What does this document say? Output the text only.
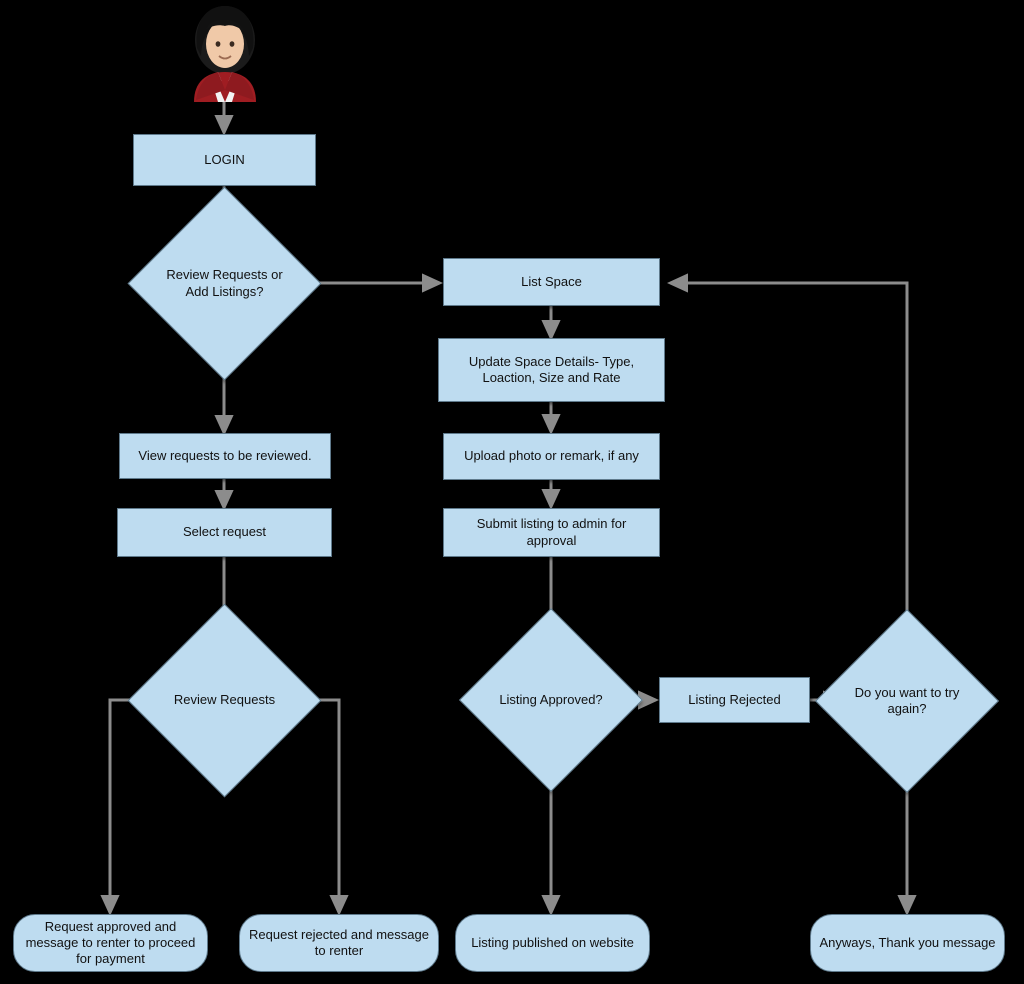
LOGIN
Review Requests or Add Listings?
List Space
Update Space Details- Type, Loaction, Size and Rate
Upload photo or remark, if any
Submit listing to admin for approval
View requests to be reviewed.
Select request
Review Requests	Listing Approved?	Listing Rejected	Do you want to try again?
Request approved and message to renter to proceed for payment
Request rejected and message to renter
Listing published on website	Anyways, Thank you message
